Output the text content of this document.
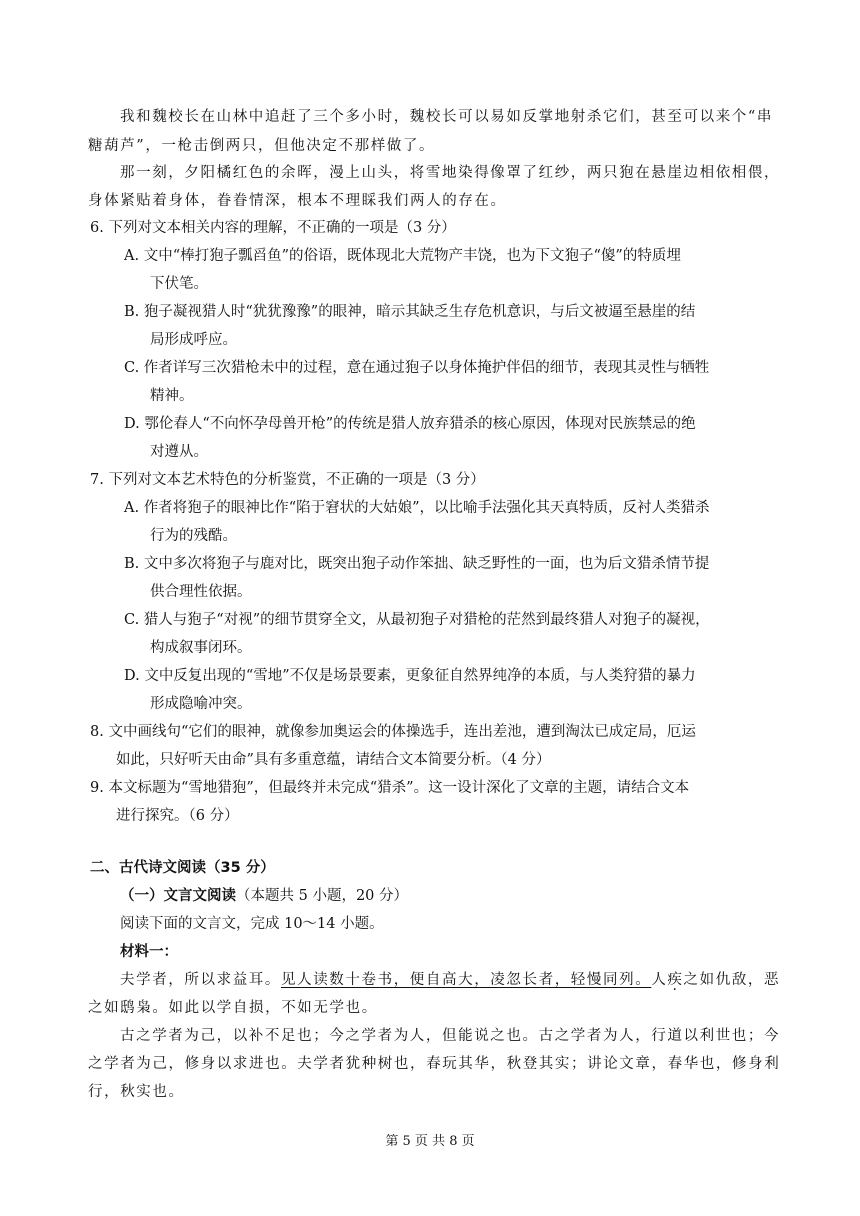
我和魏校长在山林中追赶了三个多小时，魏校长可以易如反掌地射杀它们，甚至可以来个“串
糖葫芦”，一枪击倒两只，但他决定不那样做了。
那一刻，夕阳橘红色的余晖，漫上山头，将雪地染得像罩了红纱，两只狍在悬崖边相依相偎，
身体紧贴着身体，眷眷情深，根本不理睬我们两人的存在。
6. 下列对文本相关内容的理解，不正确的一项是（3 分）
A. 文中“棒打狍子瓢舀鱼”的俗语，既体现北大荒物产丰饶，也为下文狍子“傻”的特质埋
下伏笔。
B. 狍子凝视猎人时“犹犹豫豫”的眼神，暗示其缺乏生存危机意识，与后文被逼至悬崖的结
局形成呼应。
C. 作者详写三次猎枪未中的过程，意在通过狍子以身体掩护伴侣的细节，表现其灵性与牺牲
精神。
D. 鄂伦春人“不向怀孕母兽开枪”的传统是猎人放弃猎杀的核心原因，体现对民族禁忌的绝
对遵从。
7. 下列对文本艺术特色的分析鉴赏，不正确的一项是（3 分）
A. 作者将狍子的眼神比作“陷于窘状的大姑娘”，以比喻手法强化其天真特质，反衬人类猎杀
行为的残酷。
B. 文中多次将狍子与鹿对比，既突出狍子动作笨拙、缺乏野性的一面，也为后文猎杀情节提
供合理性依据。
C. 猎人与狍子“对视”的细节贯穿全文，从最初狍子对猎枪的茫然到最终猎人对狍子的凝视，
构成叙事闭环。
D. 文中反复出现的“雪地”不仅是场景要素，更象征自然界纯净的本质，与人类狩猎的暴力
形成隐喻冲突。
8. 文中画线句“它们的眼神，就像参加奥运会的体操选手，连出差池，遭到淘汰已成定局，厄运
如此，只好听天由命”具有多重意蕴，请结合文本简要分析。（4 分）
9. 本文标题为“雪地猎狍”，但最终并未完成“猎杀”。这一设计深化了文章的主题，请结合文本
进行探究。（6 分）
二、古代诗文阅读（35 分）
（一）文言文阅读（本题共 5 小题，20 分）
阅读下面的文言文，完成 10～14 小题。
材料一：
夫学者，所以求益耳。见人读数十卷书，便自高大，凌忽长者，轻慢同列。人疾之如仇敌，恶
之如鸱枭。如此以学自损，不如无学也。
古之学者为己，以补不足也；今之学者为人，但能说之也。古之学者为人，行道以利世也；今
之学者为己，修身以求进也。夫学者犹种树也，春玩其华，秋登其实；讲论文章，春华也，修身利
行，秋实也。
第 5 页 共 8 页
